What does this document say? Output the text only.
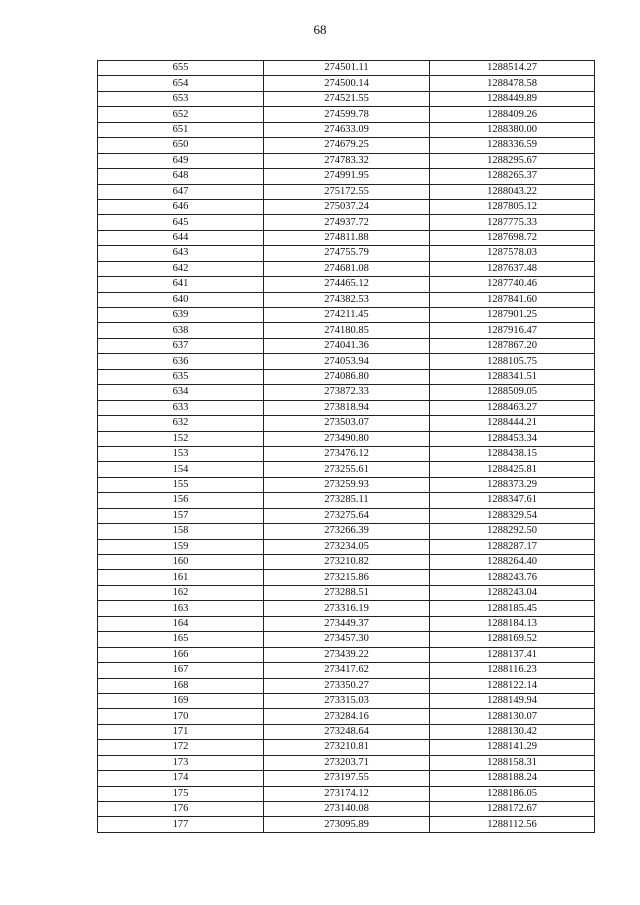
68
655	274501.11	1288514.27
654	274500.14	1288478.58
653	274521.55	1288449.89
652	274599.78	1288409.26
651	274633.09	1288380.00
650	274679.25	1288336.59
649	274783.32	1288295.67
648	274991.95	1288265.37
647	275172.55	1288043.22
646	275037.24	1287805.12
645	274937.72	1287775.33
644	274811.88	1287698.72
643	274755.79	1287578.03
642	274681.08	1287637.48
641	274465.12	1287740.46
640	274382.53	1287841.60
639	274211.45	1287901.25
638	274180.85	1287916.47
637	274041.36	1287867.20
636	274053.94	1288105.75
635	274086.80	1288341.51
634	273872.33	1288509.05
633	273818.94	1288463.27
632	273503.07	1288444.21
152	273490.80	1288453.34
153	273476.12	1288438.15
154	273255.61	1288425.81
155	273259.93	1288373.29
156	273285.11	1288347.61
157	273275.64	1288329.54
158	273266.39	1288292.50
159	273234.05	1288287.17
160	273210.82	1288264.40
161	273215.86	1288243.76
162	273288.51	1288243.04
163	273316.19	1288185.45
164	273449.37	1288184.13
165	273457.30	1288169.52
166	273439.22	1288137.41
167	273417.62	1288116.23
168	273350.27	1288122.14
169	273315.03	1288149.94
170	273284.16	1288130.07
171	273248.64	1288130.42
172	273210.81	1288141.29
173	273203.71	1288158.31
174	273197.55	1288188.24
175	273174.12	1288186.05
176	273140.08	1288172.67
177	273095.89	1288112.56
